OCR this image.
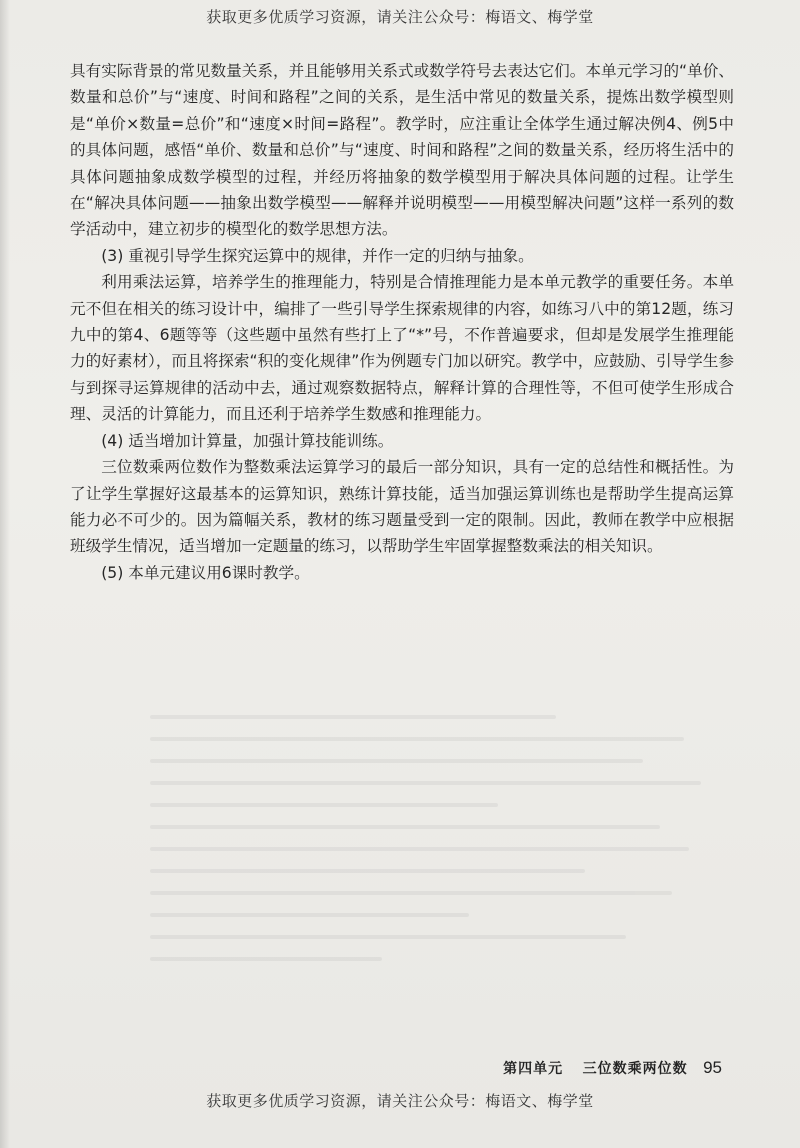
获取更多优质学习资源，请关注公众号：梅语文、梅学堂

具有实际背景的常见数量关系，并且能够用关系式或数学符号去表达它们。本单元学习的“单价、数量和总价”与“速度、时间和路程”之间的关系，是生活中常见的数量关系，提炼出数学模型则是“单价×数量=总价”和“速度×时间=路程”。教学时，应注重让全体学生通过解决例4、例5中的具体问题，感悟“单价、数量和总价”与“速度、时间和路程”之间的数量关系，经历将生活中的具体问题抽象成数学模型的过程，并经历将抽象的数学模型用于解决具体问题的过程。让学生在“解决具体问题——抽象出数学模型——解释并说明模型——用模型解决问题”这样一系列的数学活动中，建立初步的模型化的数学思想方法。

(3) 重视引导学生探究运算中的规律，并作一定的归纳与抽象。

利用乘法运算，培养学生的推理能力，特别是合情推理能力是本单元教学的重要任务。本单元不但在相关的练习设计中，编排了一些引导学生探索规律的内容，如练习八中的第12题，练习九中的第4、6题等等（这些题中虽然有些打上了“*”号，不作普遍要求，但却是发展学生推理能力的好素材），而且将探索“积的变化规律”作为例题专门加以研究。教学中，应鼓励、引导学生参与到探寻运算规律的活动中去，通过观察数据特点，解释计算的合理性等，不但可使学生形成合理、灵活的计算能力，而且还利于培养学生数感和推理能力。

(4) 适当增加计算量，加强计算技能训练。

三位数乘两位数作为整数乘法运算学习的最后一部分知识，具有一定的总结性和概括性。为了让学生掌握好这最基本的运算知识，熟练计算技能，适当加强运算训练也是帮助学生提高运算能力必不可少的。因为篇幅关系，教材的练习题量受到一定的限制。因此，教师在教学中应根据班级学生情况，适当增加一定题量的练习，以帮助学生牢固掌握整数乘法的相关知识。

(5) 本单元建议用6课时教学。

第四单元 三位数乘两位数 95
获取更多优质学习资源，请关注公众号：梅语文、梅学堂
